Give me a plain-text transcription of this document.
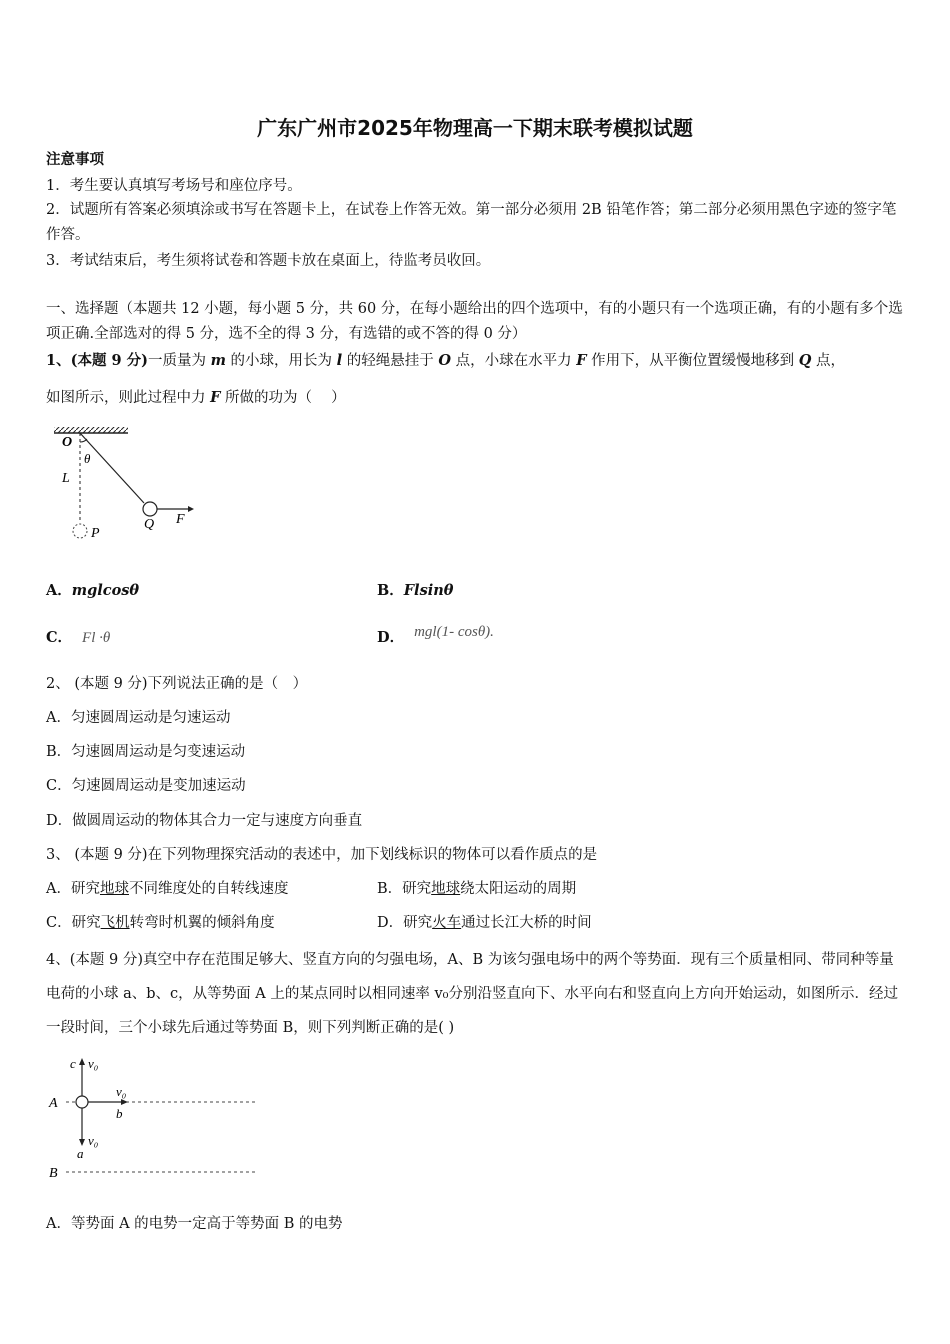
广东广州市2025年物理高一下期末联考模拟试题
注意事项
1．考生要认真填写考场号和座位序号。
2．试题所有答案必须填涂或书写在答题卡上，在试卷上作答无效。第一部分必须用 2B 铅笔作答；第二部分必须用黑色字迹的签字笔作答。
3．考试结束后，考生须将试卷和答题卡放在桌面上，待监考员收回。
一、选择题（本题共 12 小题，每小题 5 分，共 60 分，在每小题给出的四个选项中，有的小题只有一个选项正确，有的小题有多个选项正确.全部选对的得 5 分，选不全的得 3 分，有选错的或不答的得 0 分）
1、(本题 9 分)一质量为 m 的小球，用长为 l 的轻绳悬挂于 O 点，小球在水平力 F 作用下，从平衡位置缓慢地移到 Q 点，
如图所示，则此过程中力 F 所做的功为（　 ）
O
θ
L
Q F
P
A．mglcosθ	B．Flsinθ
C． Fl ·θ	D． mgl(1- cosθ).
2、 (本题 9 分)下列说法正确的是（　）
A．匀速圆周运动是匀速运动
B．匀速圆周运动是匀变速运动
C．匀速圆周运动是变加速运动
D．做圆周运动的物体其合力一定与速度方向垂直
3、 (本题 9 分)在下列物理探究活动的表述中，加下划线标识的物体可以看作质点的是
A．研究地球不同维度处的自转线速度	B．研究地球绕太阳运动的周期
C．研究飞机转弯时机翼的倾斜角度	D．研究火车通过长江大桥的时间
4、(本题 9 分)真空中存在范围足够大、竖直方向的匀强电场，A、B 为该匀强电场中的两个等势面．现有三个质量相同、带同种等量电荷的小球 a、b、c，从等势面 A 上的某点同时以相同速率 v₀分别沿竖直向下、水平向右和竖直向上方向开始运动，如图所示．经过一段时间，三个小球先后通过等势面 B，则下列判断正确的是( )
c v₀
A
v₀
b
v₀
a
B
A．等势面 A 的电势一定高于等势面 B 的电势
